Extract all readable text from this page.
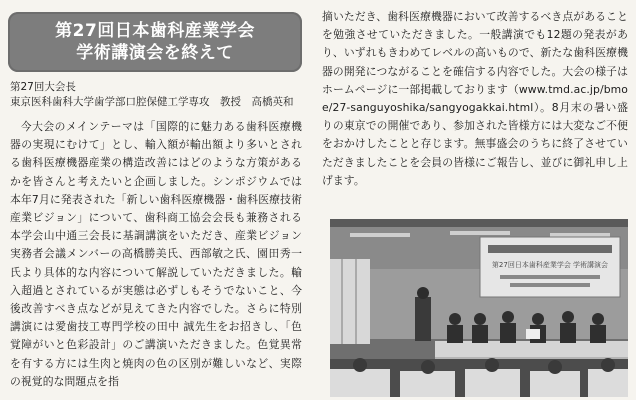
第27回日本歯科産業学会
学術講演会を終えて
第27回大会長
東京医科歯科大学歯学部口腔保健工学専攻　教授　高橋英和

今大会のメインテーマは「国際的に魅力ある歯科医療機器の実現にむけて」とし、輸入額が輸出額より多いとされる歯科医療機器産業の構造改善にはどのような方策があるかを皆さんと考えたいと企画しました。シンポジウムでは本年7月に発表された「新しい歯科医療機器・歯科医療技術産業ビジョン」について、歯科商工協会会長も兼務される本学会山中通三会長に基調講演をいただき、産業ビジョン実務者会議メンバーの高橋勝美氏、西部敏之氏、園田秀一氏より具体的な内容について解説していただきました。輸入超過とされているが実態は必ずしもそうでないこと、今後改善すべき点などが見えてきた内容でした。さらに特別講演には愛歯技工専門学校の田中 誠先生をお招きし、「色覚障がいと色彩設計」のご講演いただきました。色覚異常を有する方には生肉と焼肉の色の区別が難しいなど、実際の視覚的な問題点を指

摘いただき、歯科医療機器において改善するべき点があることを勉強させていただきました。一般講演でも12題の発表があり、いずれもきわめてレベルの高いもので、新たな歯科医療機器の開発につながることを確信する内容でした。大会の様子はホームページに一部掲載しております（www.tmd.ac.jp/bmoe/27-sanguyoshika/sangyogakkai.html）。8月末の暑い盛りの東京での開催であり、参加された皆様方には大変なご不便をおかけしたことと存じます。無事盛会のうちに終了させていただきましたことを会員の皆様にご報告し、並びに御礼申し上げます。

第27回日本歯科産業学会 学術講演会
